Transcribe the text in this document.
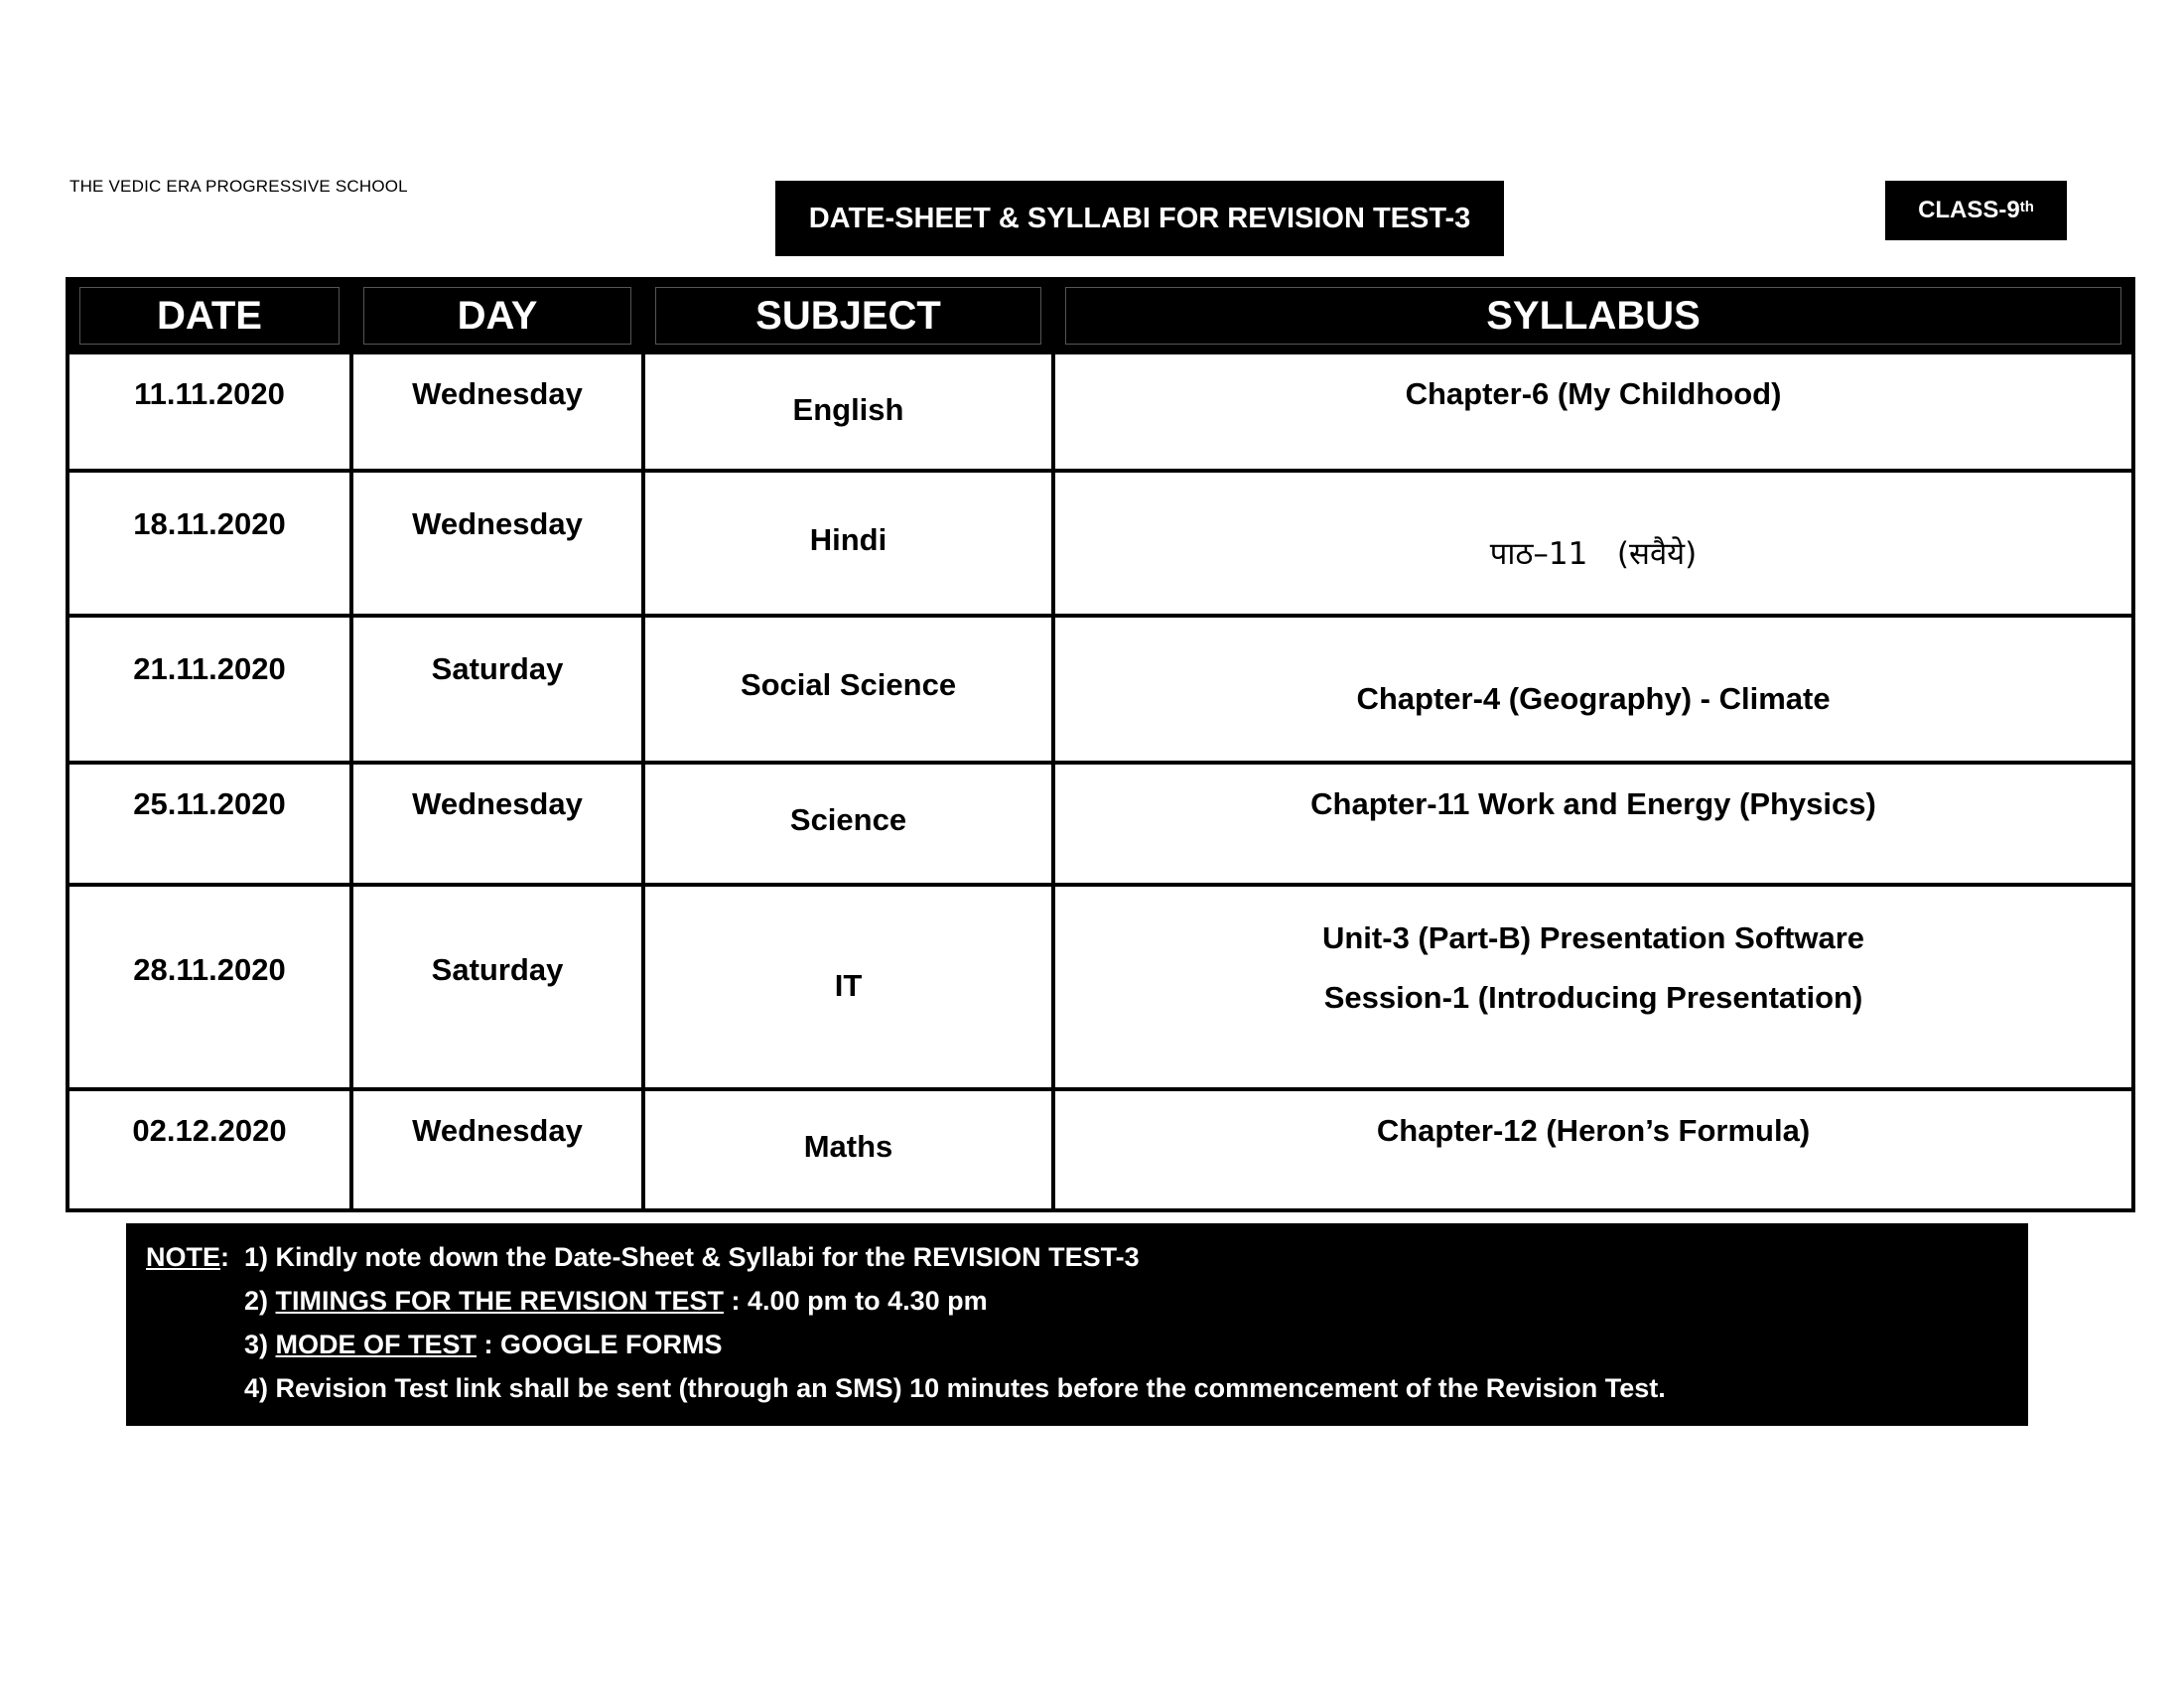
THE VEDIC ERA PROGRESSIVE SCHOOL
DATE-SHEET & SYLLABI FOR REVISION TEST-3	CLASS-9th
DATE	DAY	SUBJECT	SYLLABUS

11.11.2020	Wednesday	English	Chapter-6 (My Childhood)

18.11.2020	Wednesday	Hindi	पाठ–11   (सवैये)

21.11.2020	Saturday	Social Science	Chapter-4 (Geography) - Climate

25.11.2020	Wednesday	Science	Chapter-11 Work and Energy (Physics)

28.11.2020	Saturday	IT	Unit-3 (Part-B) Presentation Software
Session-1 (Introducing Presentation)

02.12.2020	Wednesday	Maths	Chapter-12 (Heron’s Formula)
NOTE:  1) Kindly note down the Date-Sheet & Syllabi for the REVISION TEST-3
2) TIMINGS FOR THE REVISION TEST : 4.00 pm to 4.30 pm
3) MODE OF TEST : GOOGLE FORMS
4) Revision Test link shall be sent (through an SMS) 10 minutes before the commencement of the Revision Test.
